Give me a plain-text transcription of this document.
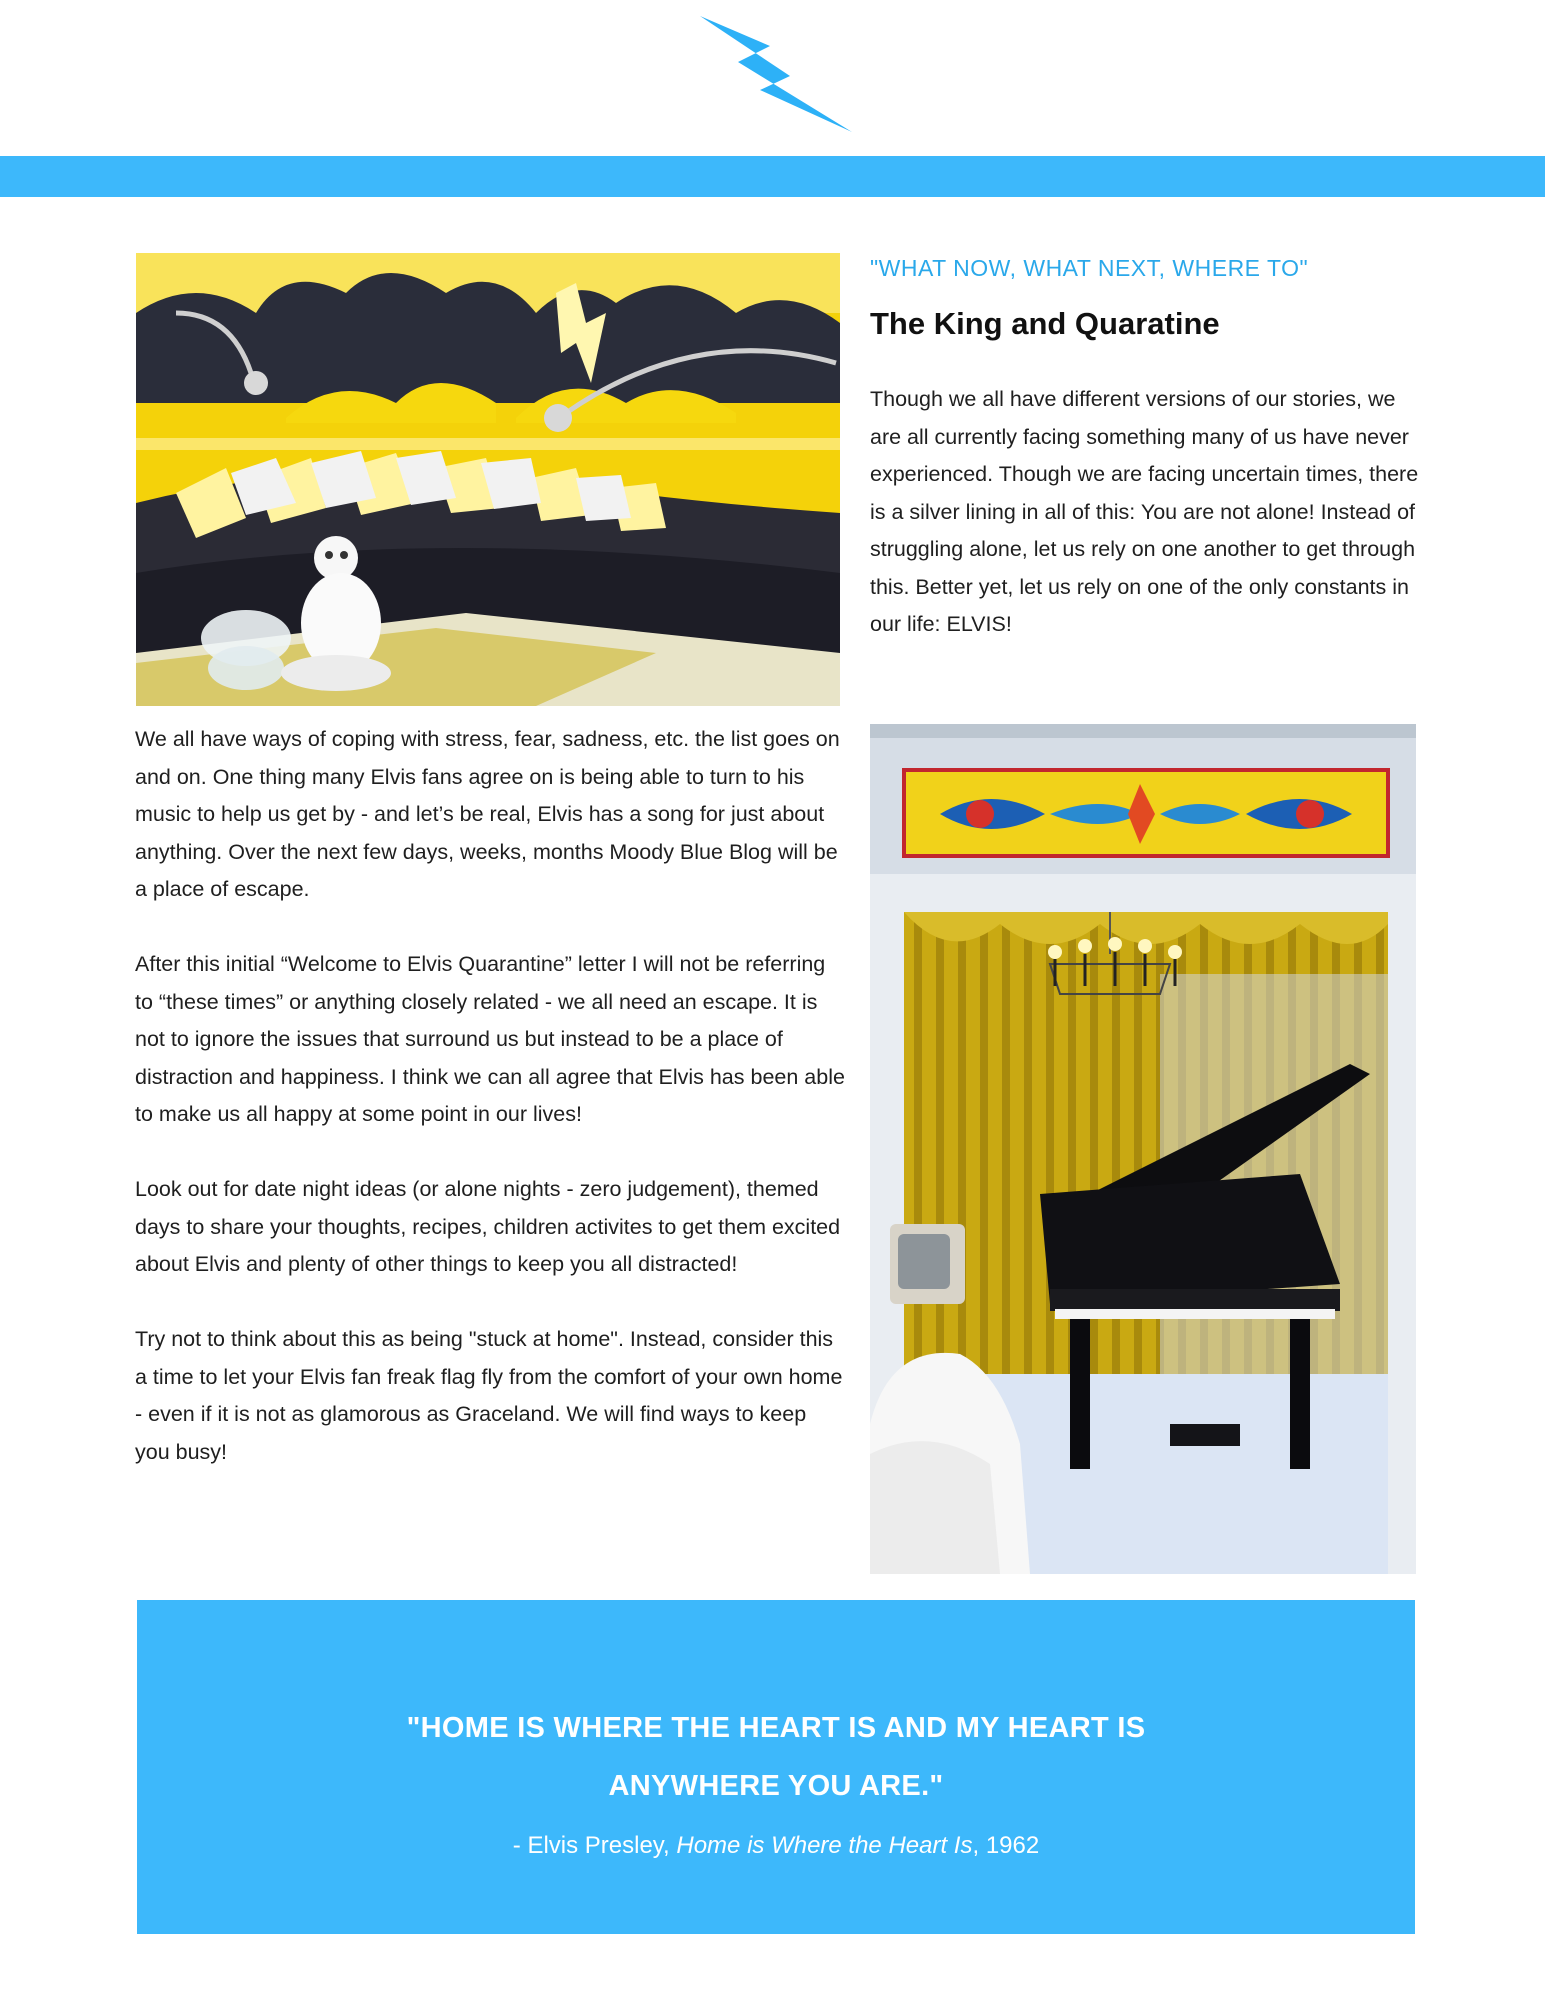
"WHAT NOW, WHAT NEXT, WHERE TO"
The King and Quaratine

Though we all have different versions of our stories, we are all currently facing something many of us have never experienced. Though we are facing uncertain times, there is a silver lining in all of this: You are not alone! Instead of struggling alone, let us rely on one another to get through this. Better yet, let us rely on one of the only constants in our life: ELVIS!

We all have ways of coping with stress, fear, sadness, etc. the list goes on and on. One thing many Elvis fans agree on is being able to turn to his music to help us get by - and let’s be real, Elvis has a song for just about anything. Over the next few days, weeks, months Moody Blue Blog will be a place of escape.

After this initial “Welcome to Elvis Quarantine” letter I will not be referring to “these times” or anything closely related - we all need an escape. It is not to ignore the issues that surround us but instead to be a place of distraction and happiness. I think we can all agree that Elvis has been able to make us all happy at some point in our lives!

Look out for date night ideas (or alone nights - zero judgement), themed days to share your thoughts, recipes, children activites to get them excited about Elvis and plenty of other things to keep you all distracted!

Try not to think about this as being "stuck at home". Instead, consider this a time to let your Elvis fan freak flag fly from the comfort of your own home - even if it is not as glamorous as Graceland. We will find ways to keep you busy!

"HOME IS WHERE THE HEART IS AND MY HEART IS
ANYWHERE YOU ARE."
- Elvis Presley, Home is Where the Heart Is, 1962
